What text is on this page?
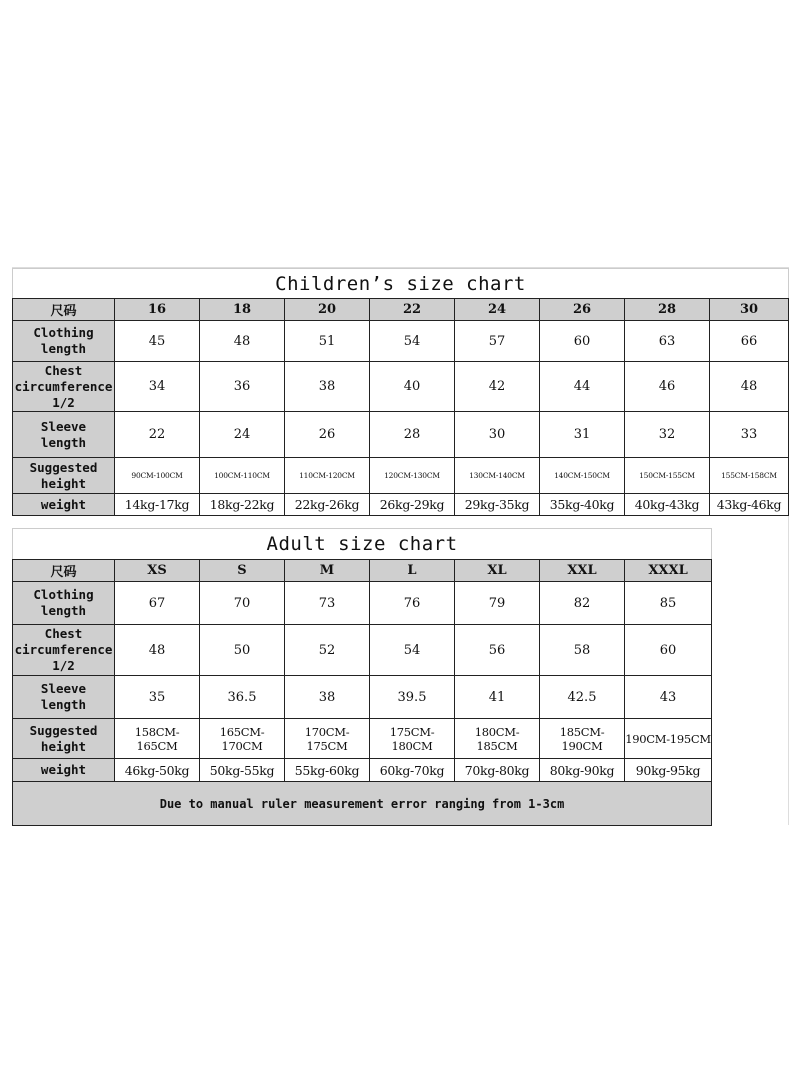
Children’s size chart								
尺码	16	18	20	22	24	26	28	30

Clothing
length	45	48	51	54	57	60	63	66

Chest
circumference
1/2	34	36	38	40	42	44	46	48

Sleeve
length	22	24	26	28	30	31	32	33

Suggested
height	90CM-100CM	100CM-110CM	110CM-120CM	120CM-130CM	130CM-140CM	140CM-150CM	150CM-155CM	155CM-158CM

weight	14kg-17kg	18kg-22kg	22kg-26kg	26kg-29kg	29kg-35kg	35kg-40kg	40kg-43kg	43kg-46kg
Adult size chart							
尺码	XS	S	M	L	XL	XXL	XXXL

Clothing
length	67	70	73	76	79	82	85

Chest
circumference
1/2	48	50	52	54	56	58	60

Sleeve
length	35	36.5	38	39.5	41	42.5	43

Suggested
height	158CM-165CM	165CM-170CM	170CM-175CM	175CM-180CM	180CM-185CM	185CM-190CM	190CM-195CM

weight	46kg-50kg	50kg-55kg	55kg-60kg	60kg-70kg	70kg-80kg	80kg-90kg	90kg-95kg
Due to manual ruler measurement error ranging from 1-3cm							
